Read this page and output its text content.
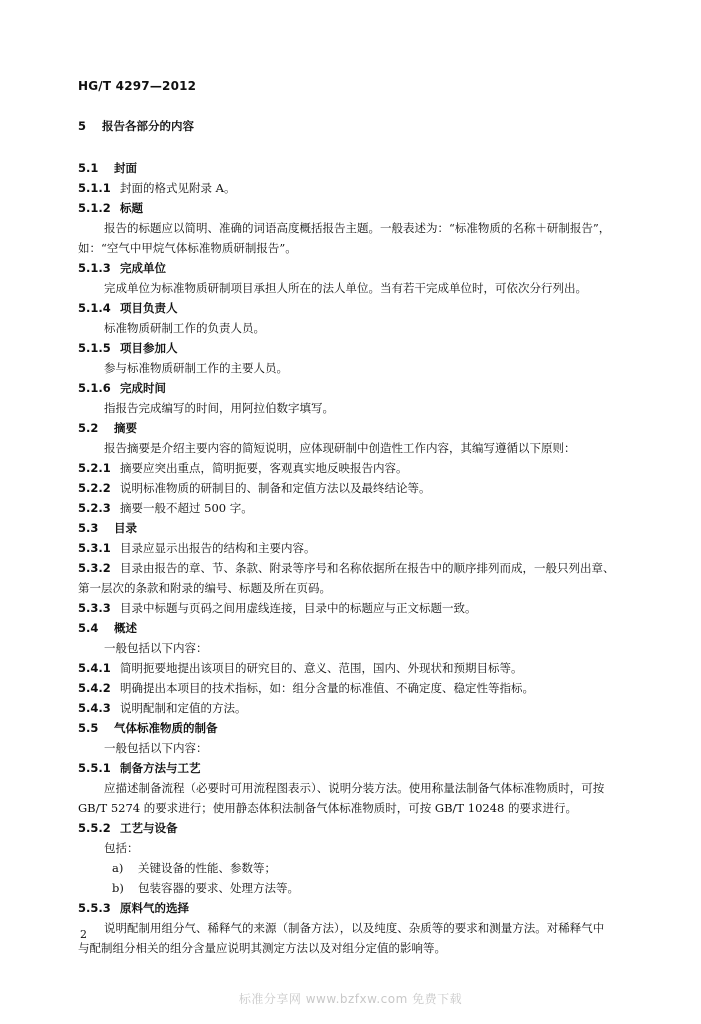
HG/T 4297—2012
5 报告各部分的内容
5.1 封面
5.1.1 封面的格式见附录 A。
5.1.2 标题
报告的标题应以简明、准确的词语高度概括报告主题。一般表述为：“标准物质的名称＋研制报告”，
如：“空气中甲烷气体标准物质研制报告”。
5.1.3 完成单位
完成单位为标准物质研制项目承担人所在的法人单位。当有若干完成单位时，可依次分行列出。
5.1.4 项目负责人
标准物质研制工作的负责人员。
5.1.5 项目参加人
参与标准物质研制工作的主要人员。
5.1.6 完成时间
指报告完成编写的时间，用阿拉伯数字填写。
5.2 摘要
报告摘要是介绍主要内容的简短说明，应体现研制中创造性工作内容，其编写遵循以下原则：
5.2.1 摘要应突出重点，简明扼要，客观真实地反映报告内容。
5.2.2 说明标准物质的研制目的、制备和定值方法以及最终结论等。
5.2.3 摘要一般不超过 500 字。
5.3 目录
5.3.1 目录应显示出报告的结构和主要内容。
5.3.2 目录由报告的章、节、条款、附录等序号和名称依据所在报告中的顺序排列而成，一般只列出章、
第一层次的条款和附录的编号、标题及所在页码。
5.3.3 目录中标题与页码之间用虚线连接，目录中的标题应与正文标题一致。
5.4 概述
一般包括以下内容：
5.4.1 简明扼要地提出该项目的研究目的、意义、范围，国内、外现状和预期目标等。
5.4.2 明确提出本项目的技术指标，如：组分含量的标准值、不确定度、稳定性等指标。
5.4.3 说明配制和定值的方法。
5.5 气体标准物质的制备
一般包括以下内容：
5.5.1 制备方法与工艺
应描述制备流程（必要时可用流程图表示）、说明分装方法。使用称量法制备气体标准物质时，可按
GB/T 5274 的要求进行；使用静态体积法制备气体标准物质时，可按 GB/T 10248 的要求进行。
5.5.2 工艺与设备
包括：
a) 关键设备的性能、参数等；
b) 包装容器的要求、处理方法等。
5.5.3 原料气的选择
说明配制用组分气、稀释气的来源（制备方法），以及纯度、杂质等的要求和测量方法。对稀释气中
与配制组分相关的组分含量应说明其测定方法以及对组分定值的影响等。
2
标准分享网 www.bzfxw.com 免费下载
